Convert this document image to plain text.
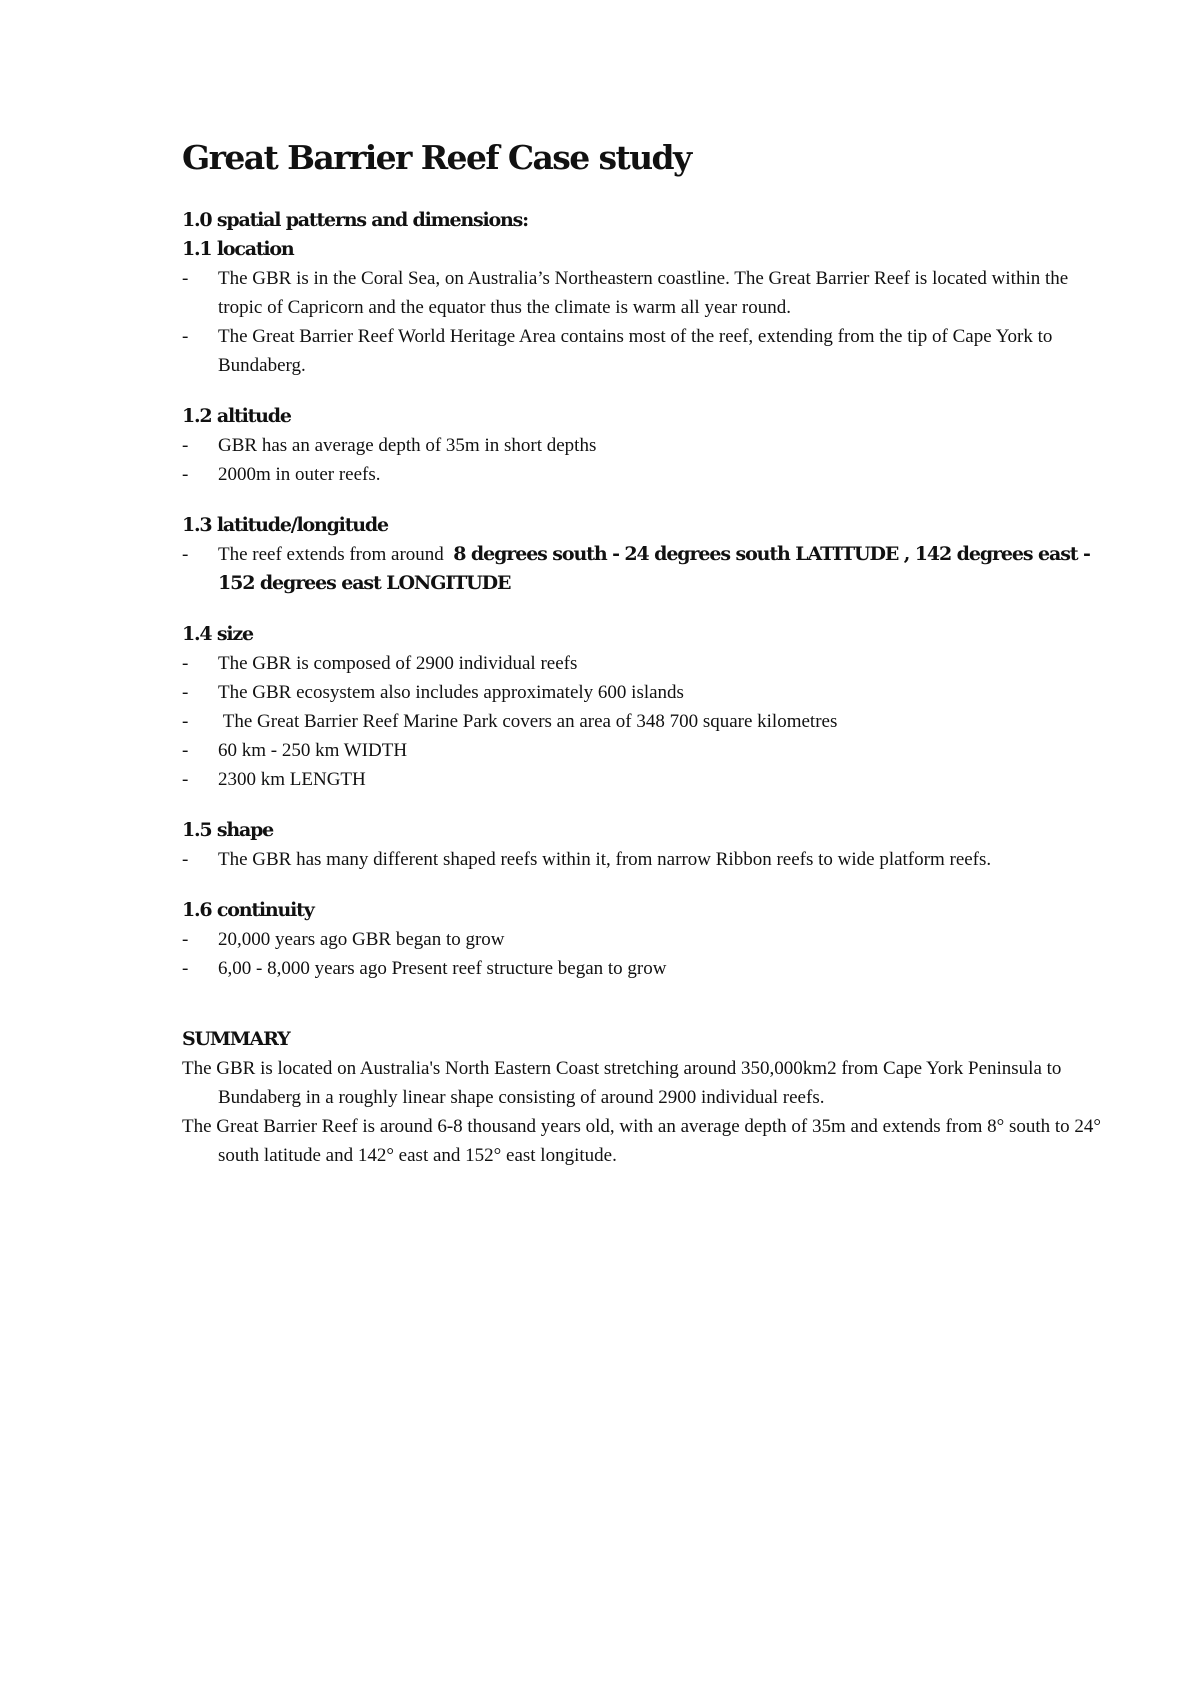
Great Barrier Reef Case study
1.0 spatial patterns and dimensions:
1.1 location
- The GBR is in the Coral Sea, on Australia’s Northeastern coastline. The Great Barrier Reef is located within the tropic of Capricorn and the equator thus the climate is warm all year round.
- The Great Barrier Reef World Heritage Area contains most of the reef, extending from the tip of Cape York to Bundaberg.
1.2 altitude
- GBR has an average depth of 35m in short depths
- 2000m in outer reefs.
1.3 latitude/longitude
- The reef extends from around 8 degrees south - 24 degrees south LATITUDE , 142 degrees east - 152 degrees east LONGITUDE
1.4 size
- The GBR is composed of 2900 individual reefs
- The GBR ecosystem also includes approximately 600 islands
- The Great Barrier Reef Marine Park covers an area of 348 700 square kilometres
- 60 km - 250 km WIDTH
- 2300 km LENGTH
1.5 shape
- The GBR has many different shaped reefs within it, from narrow Ribbon reefs to wide platform reefs.
1.6 continuity
- 20,000 years ago GBR began to grow
- 6,00 - 8,000 years ago Present reef structure began to grow
SUMMARY

The GBR is located on Australia's North Eastern Coast stretching around 350,000km2 from Cape York Peninsula to Bundaberg in a roughly linear shape consisting of around 2900 individual reefs.

The Great Barrier Reef is around 6-8 thousand years old, with an average depth of 35m and extends from 8° south to 24° south latitude and 142° east and 152° east longitude.
